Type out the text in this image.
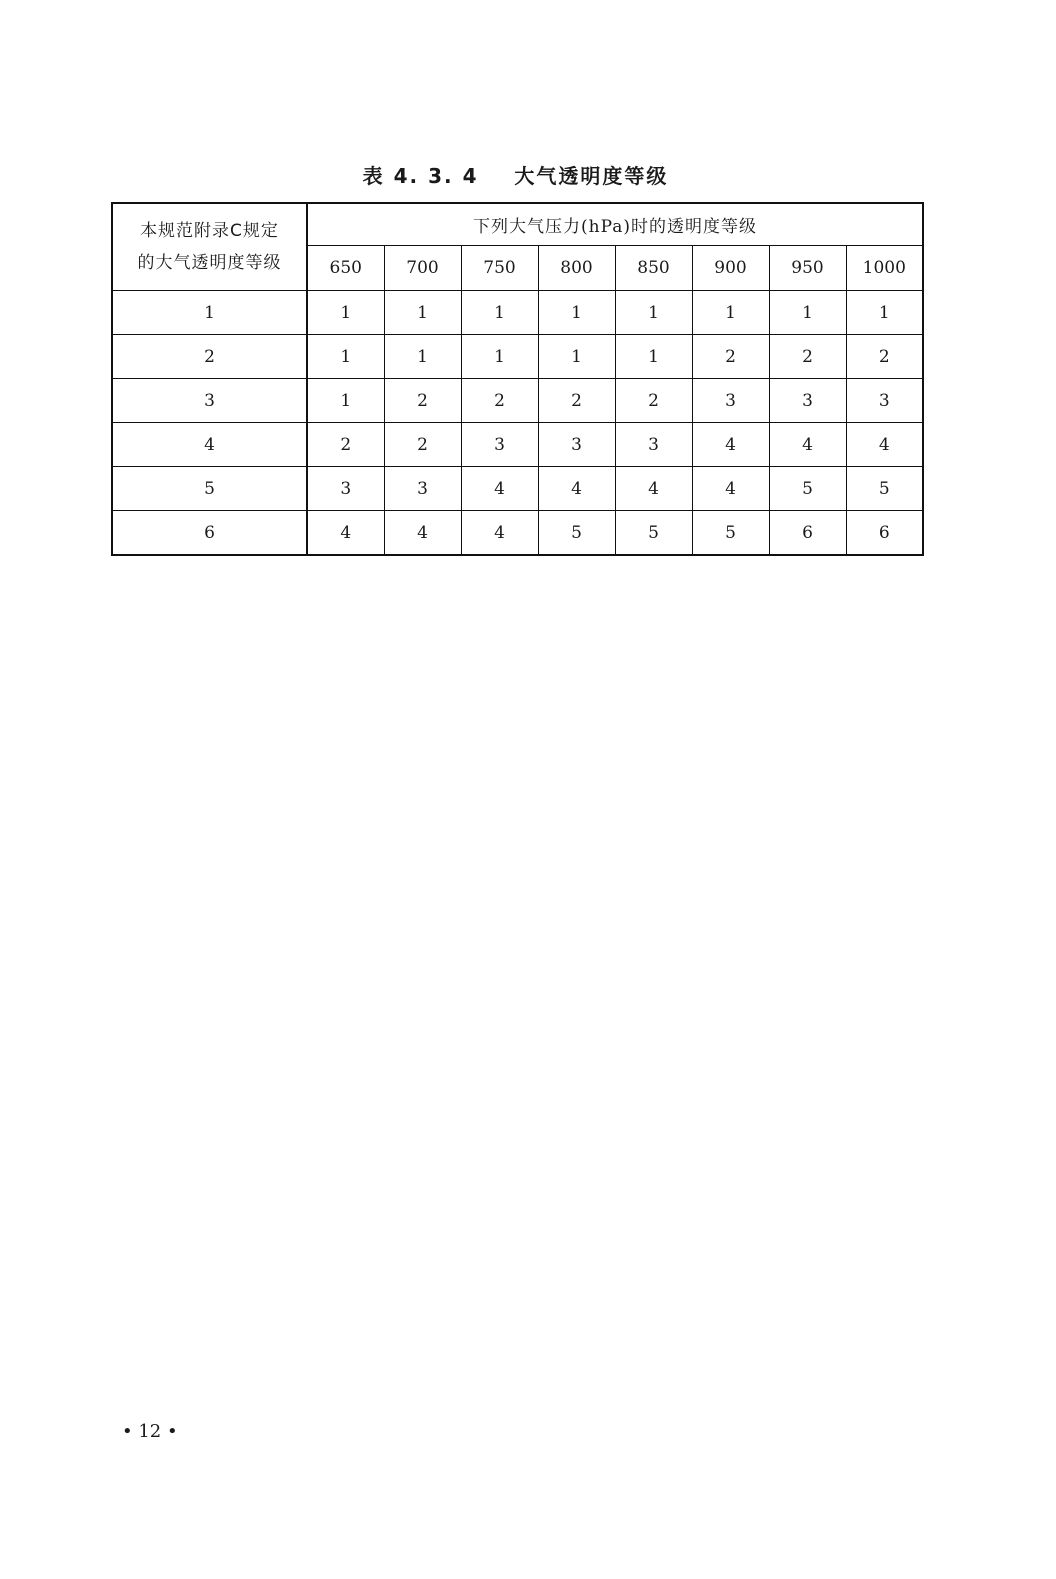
表 4. 3. 4    大气透明度等级
本规范附录C规定
的大气透明度等级	下列大气压力(hPa)时的透明度等级							
	650	700	750	800	850	900	950	1000
1	1	1	1	1	1	1	1	1
2	1	1	1	1	1	2	2	2
3	1	2	2	2	2	3	3	3
4	2	2	3	3	3	4	4	4
5	3	3	4	4	4	4	5	5
6	4	4	4	5	5	5	6	6
• 12 •
